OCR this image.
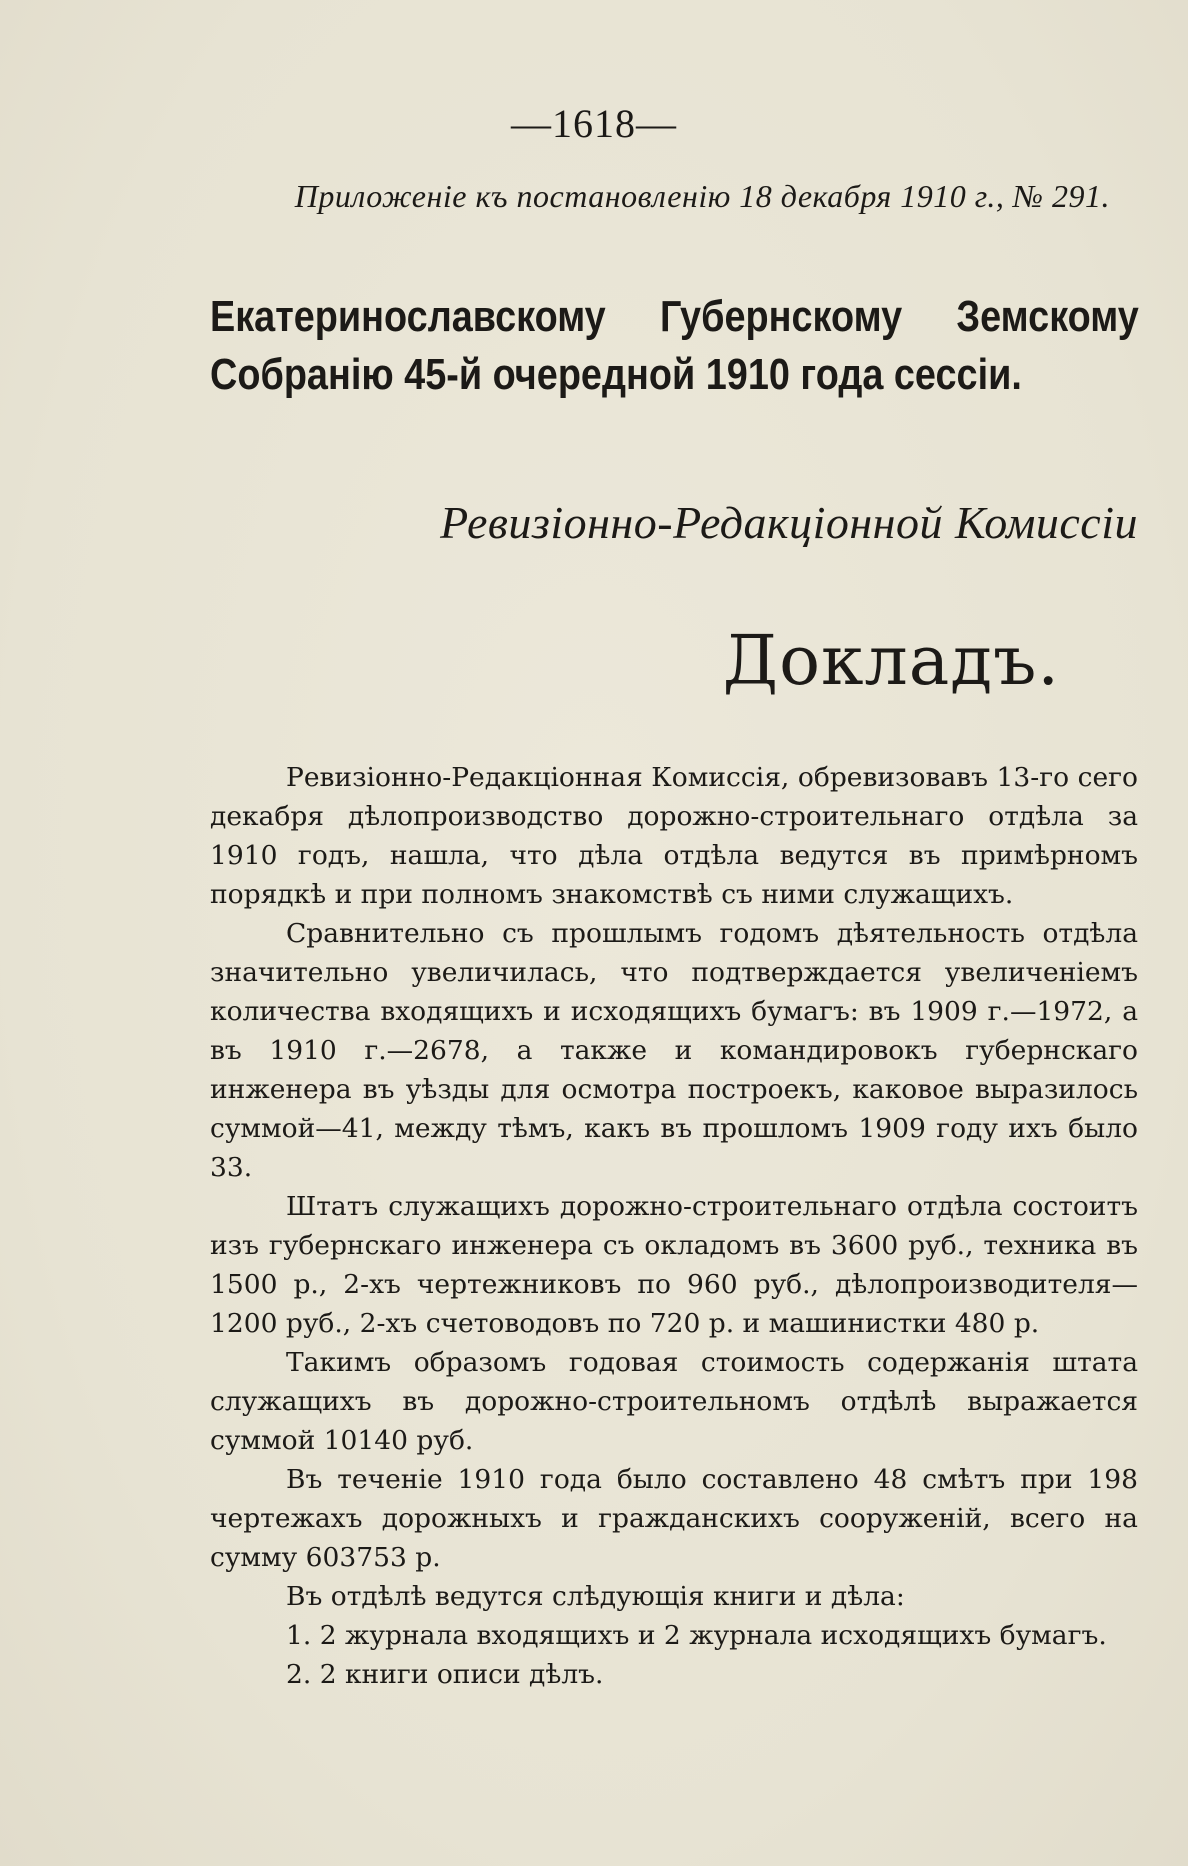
—1618—
Приложеніе къ постановленію 18 декабря 1910 г., № 291.
Екатеринославскому Губернскому Земскому Собранію 45-й очередной 1910 года сессіи.
Ревизіонно-Редакціонной Комиссіи
Докладъ.

Ревизіонно-Редакціонная Комиссія, обревизовавъ 13-го сего декабря дѣлопроизводство дорожно-строительнаго отдѣла за 1910 годъ, нашла, что дѣла отдѣла ведутся въ примѣрномъ порядкѣ и при полномъ знакомствѣ съ ними служащихъ.

Сравнительно съ прошлымъ годомъ дѣятельность отдѣла значительно увеличилась, что подтверждается увеличеніемъ количества входящихъ и исходящихъ бумагъ: въ 1909 г.—1972, а въ 1910 г.—2678, а также и командировокъ губернскаго инженера въ уѣзды для осмотра построекъ, каковое выразилось суммой—41, между тѣмъ, какъ въ прошломъ 1909 году ихъ было 33.

Штатъ служащихъ дорожно-строительнаго отдѣла состоитъ изъ губернскаго инженера съ окладомъ въ 3600 руб., техника въ 1500 р., 2-хъ чертежниковъ по 960 руб., дѣлопроизводителя—1200 руб., 2-хъ счетоводовъ по 720 р. и машинистки 480 р.

Такимъ образомъ годовая стоимость содержанія штата служащихъ въ дорожно-строительномъ отдѣлѣ выражается суммой 10140 руб.

Въ теченіе 1910 года было составлено 48 смѣтъ при 198 чертежахъ дорожныхъ и гражданскихъ сооруженій, всего на сумму 603753 р.

Въ отдѣлѣ ведутся слѣдующія книги и дѣла:

1. 2 журнала входящихъ и 2 журнала исходящихъ бумагъ.

2. 2 книги описи дѣлъ.
